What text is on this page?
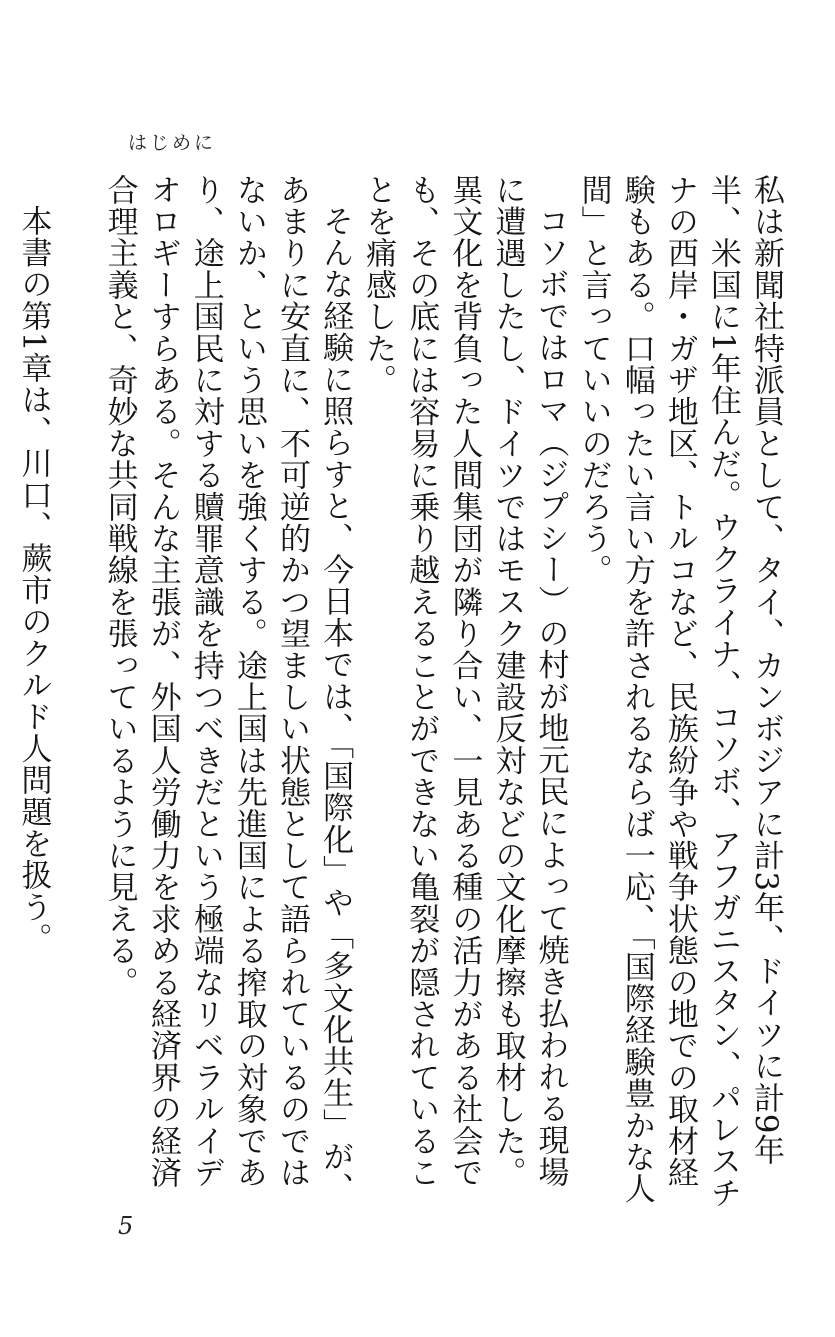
はじめに

私は新聞社特派員として、タイ、カンボジアに計3年、ドイツに計9年半、米国に1年住んだ。ウクライナ、コソボ、アフガニスタン、パレスチナの西岸・ガザ地区、トルコなど、民族紛争や戦争状態の地での取材経験もある。口幅ったい言い方を許されるならば一応、「国際経験豊かな人間」と言っていいのだろう。

コソボではロマ（ジプシー）の村が地元民によって焼き払われる現場に遭遇したし、ドイツではモスク建設反対などの文化摩擦も取材した。異文化を背負った人間集団が隣り合い、一見ある種の活力がある社会でも、その底には容易に乗り越えることができない亀裂が隠されていることを痛感した。

そんな経験に照らすと、今日本では、「国際化」や「多文化共生」が、あまりに安直に、不可逆的かつ望ましい状態として語られているのではないか、という思いを強くする。途上国は先進国による搾取の対象であり、途上国民に対する贖罪意識を持つべきだという極端なリベラルイデオロギーすらある。そんな主張が、外国人労働力を求める経済界の経済合理主義と、奇妙な共同戦線を張っているように見える。

本書の第1章は、川口、蕨市のクルド人問題を扱う。

5
